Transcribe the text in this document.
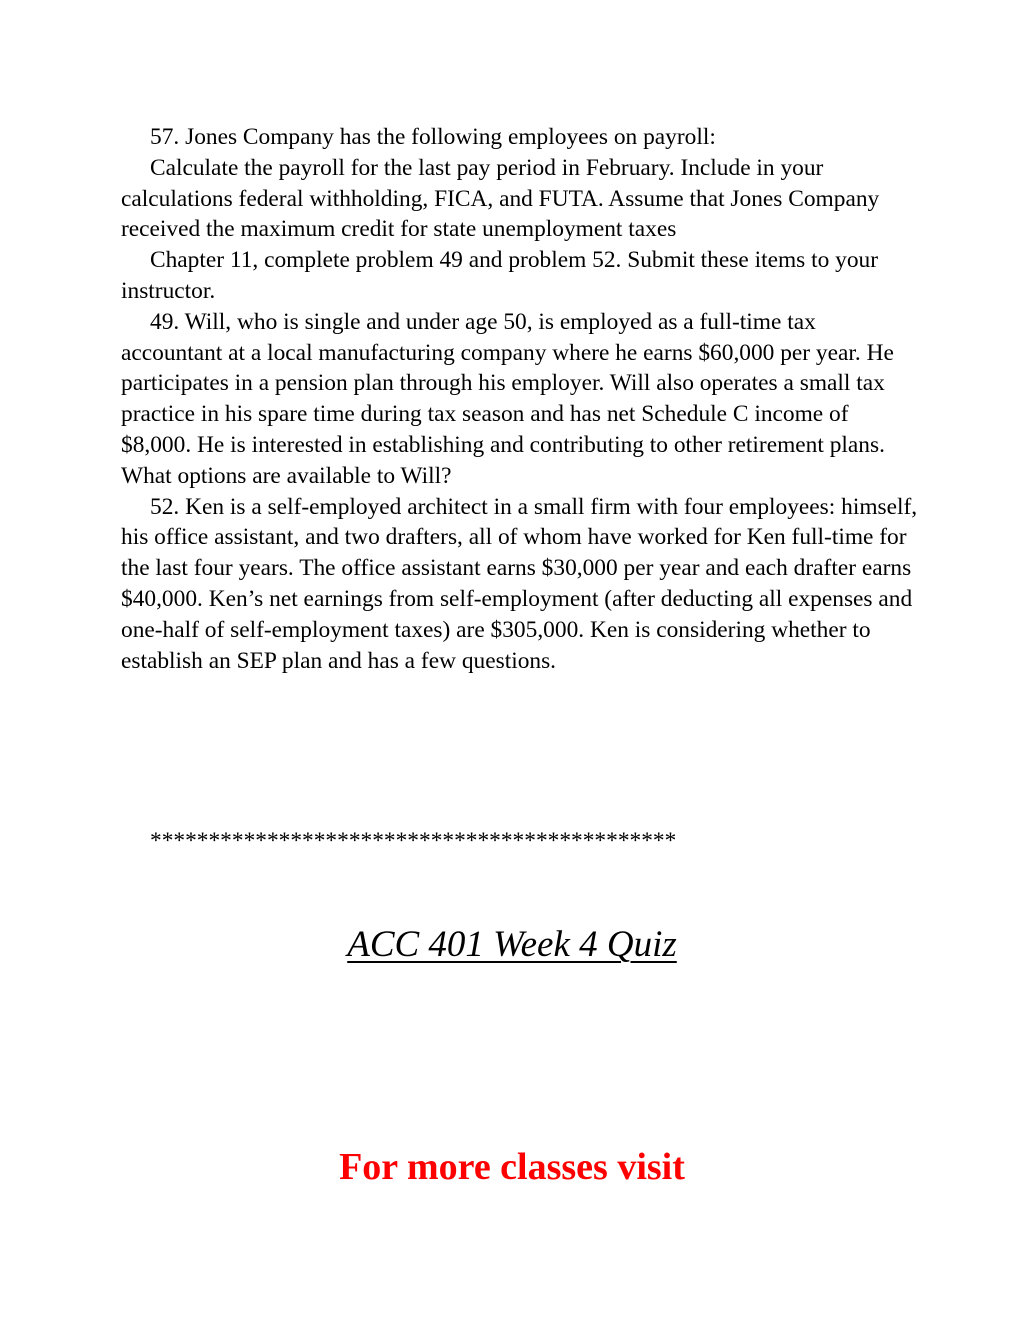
57. Jones Company has the following employees on payroll:

Calculate the payroll for the last pay period in February. Include in your calculations federal withholding, FICA, and FUTA. Assume that Jones Company received the maximum credit for state unemployment taxes

Chapter 11, complete problem 49 and problem 52. Submit these items to your instructor.

49. Will, who is single and under age 50, is employed as a full-time tax accountant at a local manufacturing company where he earns $60,000 per year. He participates in a pension plan through his employer. Will also operates a small tax practice in his spare time during tax season and has net Schedule C income of $8,000. He is interested in establishing and contributing to other retirement plans. What options are available to Will?

52. Ken is a self-employed architect in a small firm with four employees: himself, his office assistant, and two drafters, all of whom have worked for Ken full-time for the last four years. The office assistant earns $30,000 per year and each drafter earns $40,000. Ken’s net earnings from self-employment (after deducting all expenses and one-half of self-employment taxes) are $305,000. Ken is considering whether to establish an SEP plan and has a few questions.

*********************************************
ACC 401 Week 4 Quiz
For more classes visit
